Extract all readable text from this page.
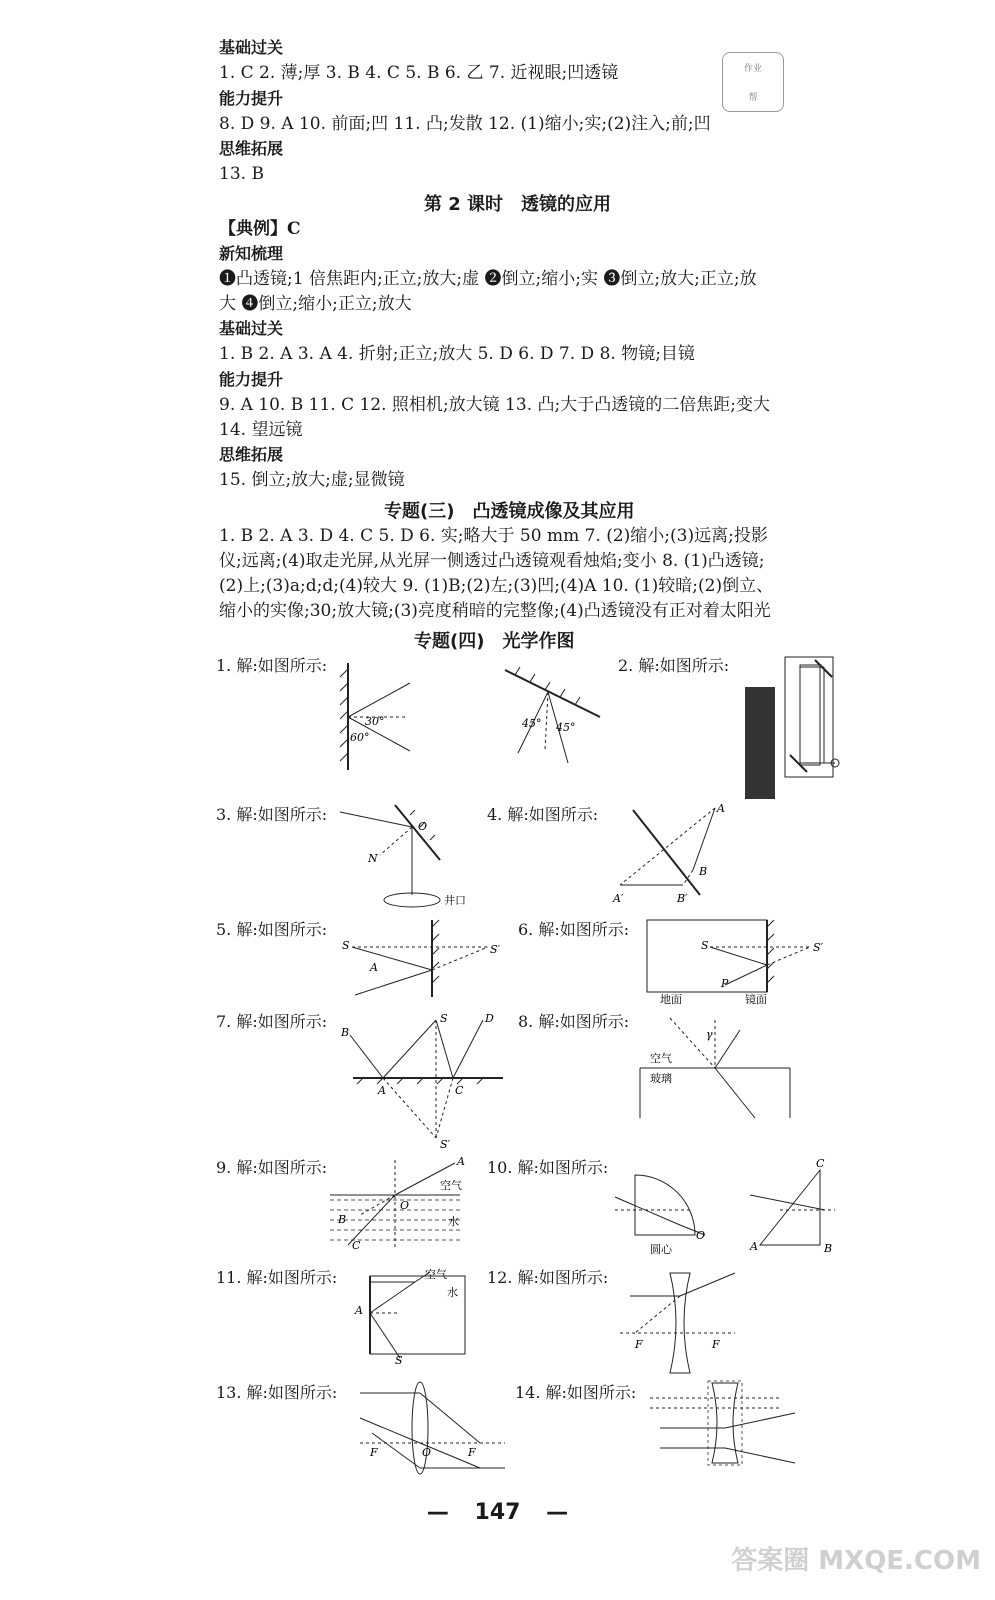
作业
帮
基础过关
1. C 2. 薄;厚 3. B 4. C 5. B 6. 乙 7. 近视眼;凹透镜
能力提升
8. D 9. A 10. 前面;凹 11. 凸;发散 12. (1)缩小;实;(2)注入;前;凹
思维拓展
13. B
第 2 课时　透镜的应用
【典例】C
新知梳理
❶凸透镜;1 倍焦距内;正立;放大;虚 ❷倒立;缩小;实 ❸倒立;放大;正立;放
大 ❹倒立;缩小;正立;放大
基础过关
1. B 2. A 3. A 4. 折射;正立;放大 5. D 6. D 7. D 8. 物镜;目镜
能力提升
9. A 10. B 11. C 12. 照相机;放大镜 13. 凸;大于凸透镜的二倍焦距;变大
14. 望远镜
思维拓展
15. 倒立;放大;虚;显微镜
专题(三)　凸透镜成像及其应用
1. B 2. A 3. D 4. C 5. D 6. 实;略大于 50 mm 7. (2)缩小;(3)远离;投影
仪;远离;(4)取走光屏,从光屏一侧透过凸透镜观看烛焰;变小 8. (1)凸透镜;
(2)上;(3)a;d;d;(4)较大 9. (1)B;(2)左;(3)凹;(4)A 10. (1)较暗;(2)倒立、
缩小的实像;30;放大镜;(3)亮度稍暗的完整像;(4)凸透镜没有正对着太阳光
专题(四)　光学作图
1. 解:如图所示:	2. 解:如图所示:
3. 解:如图所示:	4. 解:如图所示:
5. 解:如图所示:	6. 解:如图所示:
7. 解:如图所示:	8. 解:如图所示:
9. 解:如图所示:	10. 解:如图所示:
11. 解:如图所示:	12. 解:如图所示:
13. 解:如图所示:	14. 解:如图所示:
30°
60°
45° 45°
O
N
井口
A
B
A′	B′
S	S′
A
S	S′
P
地面	镜面
B
S	D
A	C
S′
γ
空气
玻璃
A
O
B
C
空气
水
O
圆心	A	B
C
空气
水
A
S
F	F
F	O	F
— 147 —
答案圈 MXQE.COM
